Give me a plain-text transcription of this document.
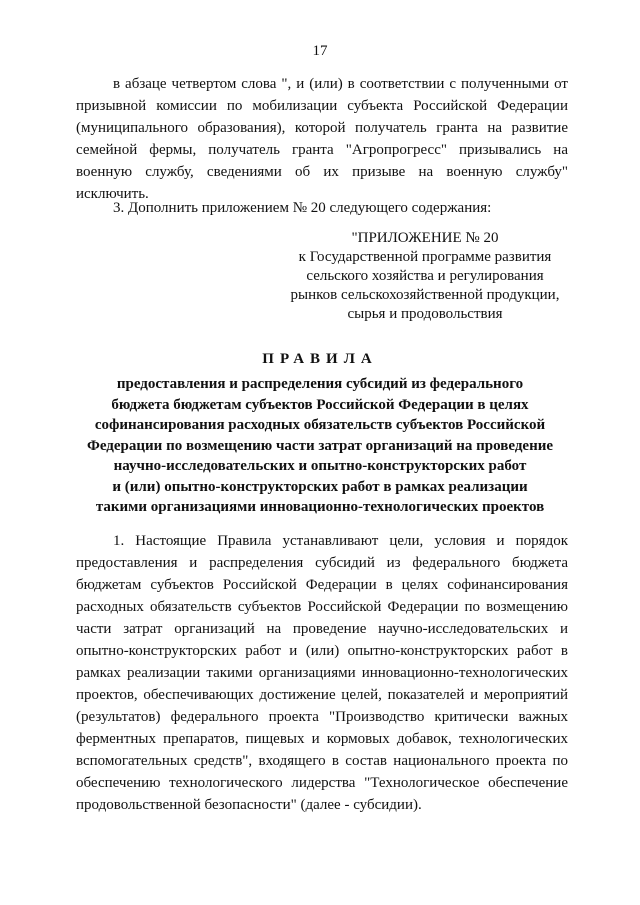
17

в абзаце четвертом слова ", и (или) в соответствии с полученными от призывной комиссии по мобилизации субъекта Российской Федерации (муниципального образования), которой получатель гранта на развитие семейной фермы, получатель гранта "Агропрогресс" призывались на военную службу, сведениями об их призыве на военную службу" исключить.

3. Дополнить приложением № 20 следующего содержания:

"ПРИЛОЖЕНИЕ № 20
к Государственной программе развития
сельского хозяйства и регулирования
рынков сельскохозяйственной продукции,
сырья и продовольствия
ПРАВИЛА
предоставления и распределения субсидий из федерального
бюджета бюджетам субъектов Российской Федерации в целях
софинансирования расходных обязательств субъектов Российской
Федерации по возмещению части затрат организаций на проведение
научно-исследовательских и опытно-конструкторских работ
и (или) опытно-конструкторских работ в рамках реализации
такими организациями инновационно-технологических проектов

1. Настоящие Правила устанавливают цели, условия и порядок предоставления и распределения субсидий из федерального бюджета бюджетам субъектов Российской Федерации в целях софинансирования расходных обязательств субъектов Российской Федерации по возмещению части затрат организаций на проведение научно-исследовательских и опытно-конструкторских работ и (или) опытно-конструкторских работ в рамках реализации такими организациями инновационно-технологических проектов, обеспечивающих достижение целей, показателей и мероприятий (результатов) федерального проекта "Производство критически важных ферментных препаратов, пищевых и кормовых добавок, технологических вспомогательных средств", входящего в состав национального проекта по обеспечению технологического лидерства "Технологическое обеспечение продовольственной безопасности" (далее - субсидии).
